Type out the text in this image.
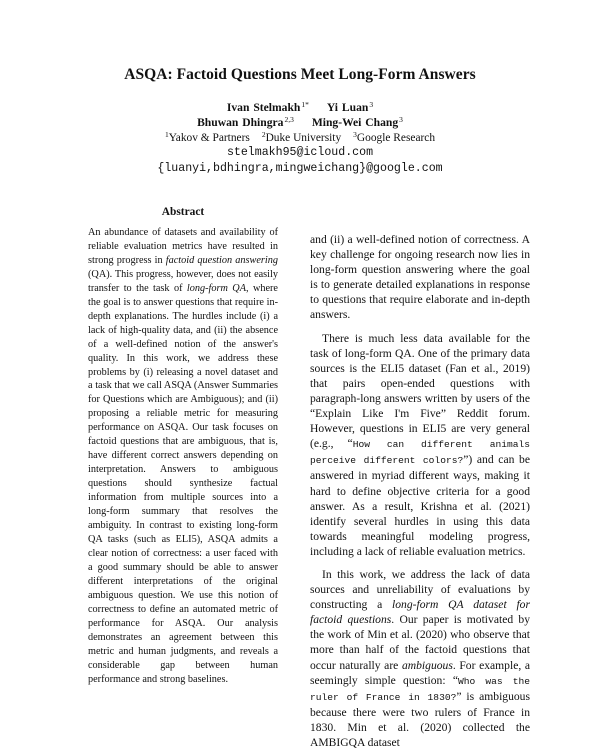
ASQA: Factoid Questions Meet Long-Form Answers
Ivan Stelmakh$^{1*}$ Yi Luan$^3$
Bhuwan Dhingra$^{2,3}$ Ming-Wei Chang$^3$
$^1$Yakov & Partners $^2$Duke University $^3$Google Research
stelmakh95@icloud.com
{luanyi,bdhingra,mingweichang}@google.com
Abstract

An abundance of datasets and availability of reliable evaluation metrics have resulted in strong progress in factoid question answering (QA). This progress, however, does not easily transfer to the task of long-form QA, where the goal is to answer questions that require in-depth explanations. The hurdles include (i) a lack of high-quality data, and (ii) the absence of a well-defined notion of the answer's quality. In this work, we address these problems by (i) releasing a novel dataset and a task that we call ASQA (Answer Summaries for Questions which are Ambiguous); and (ii) proposing a reliable metric for measuring performance on ASQA. Our task focuses on factoid questions that are ambiguous, that is, have different correct answers depending on interpretation. Answers to ambiguous questions should synthesize factual information from multiple sources into a long-form summary that resolves the ambiguity. In contrast to existing long-form QA tasks (such as ELI5), ASQA admits a clear notion of correctness: a user faced with a good summary should be able to answer different interpretations of the original ambiguous question. We use this notion of correctness to define an automated metric of performance for ASQA. Our analysis demonstrates an agreement between this metric and human judgments, and reveals a considerable gap between human performance and strong baselines.

and (ii) a well-defined notion of correctness. A key challenge for ongoing research now lies in long-form question answering where the goal is to generate detailed explanations in response to questions that require elaborate and in-depth answers.

There is much less data available for the task of long-form QA. One of the primary data sources is the ELI5 dataset (Fan et al., 2019) that pairs open-ended questions with paragraph-long answers written by users of the “Explain Like I'm Five” Reddit forum. However, questions in ELI5 are very general (e.g., “How can different animals perceive different colors?”) and can be answered in myriad different ways, making it hard to define objective criteria for a good answer. As a result, Krishna et al. (2021) identify several hurdles in using this data towards meaningful modeling progress, including a lack of reliable evaluation metrics.

In this work, we address the lack of data sources and unreliability of evaluations by constructing a long-form QA dataset for factoid questions. Our paper is motivated by the work of Min et al. (2020) who observe that more than half of the factoid questions that occur naturally are ambiguous. For example, a seemingly simple question: “Who was the ruler of France in 1830?” is ambiguous because there were two rulers of France in 1830. Min et al. (2020) collected the AMBIGQA dataset
